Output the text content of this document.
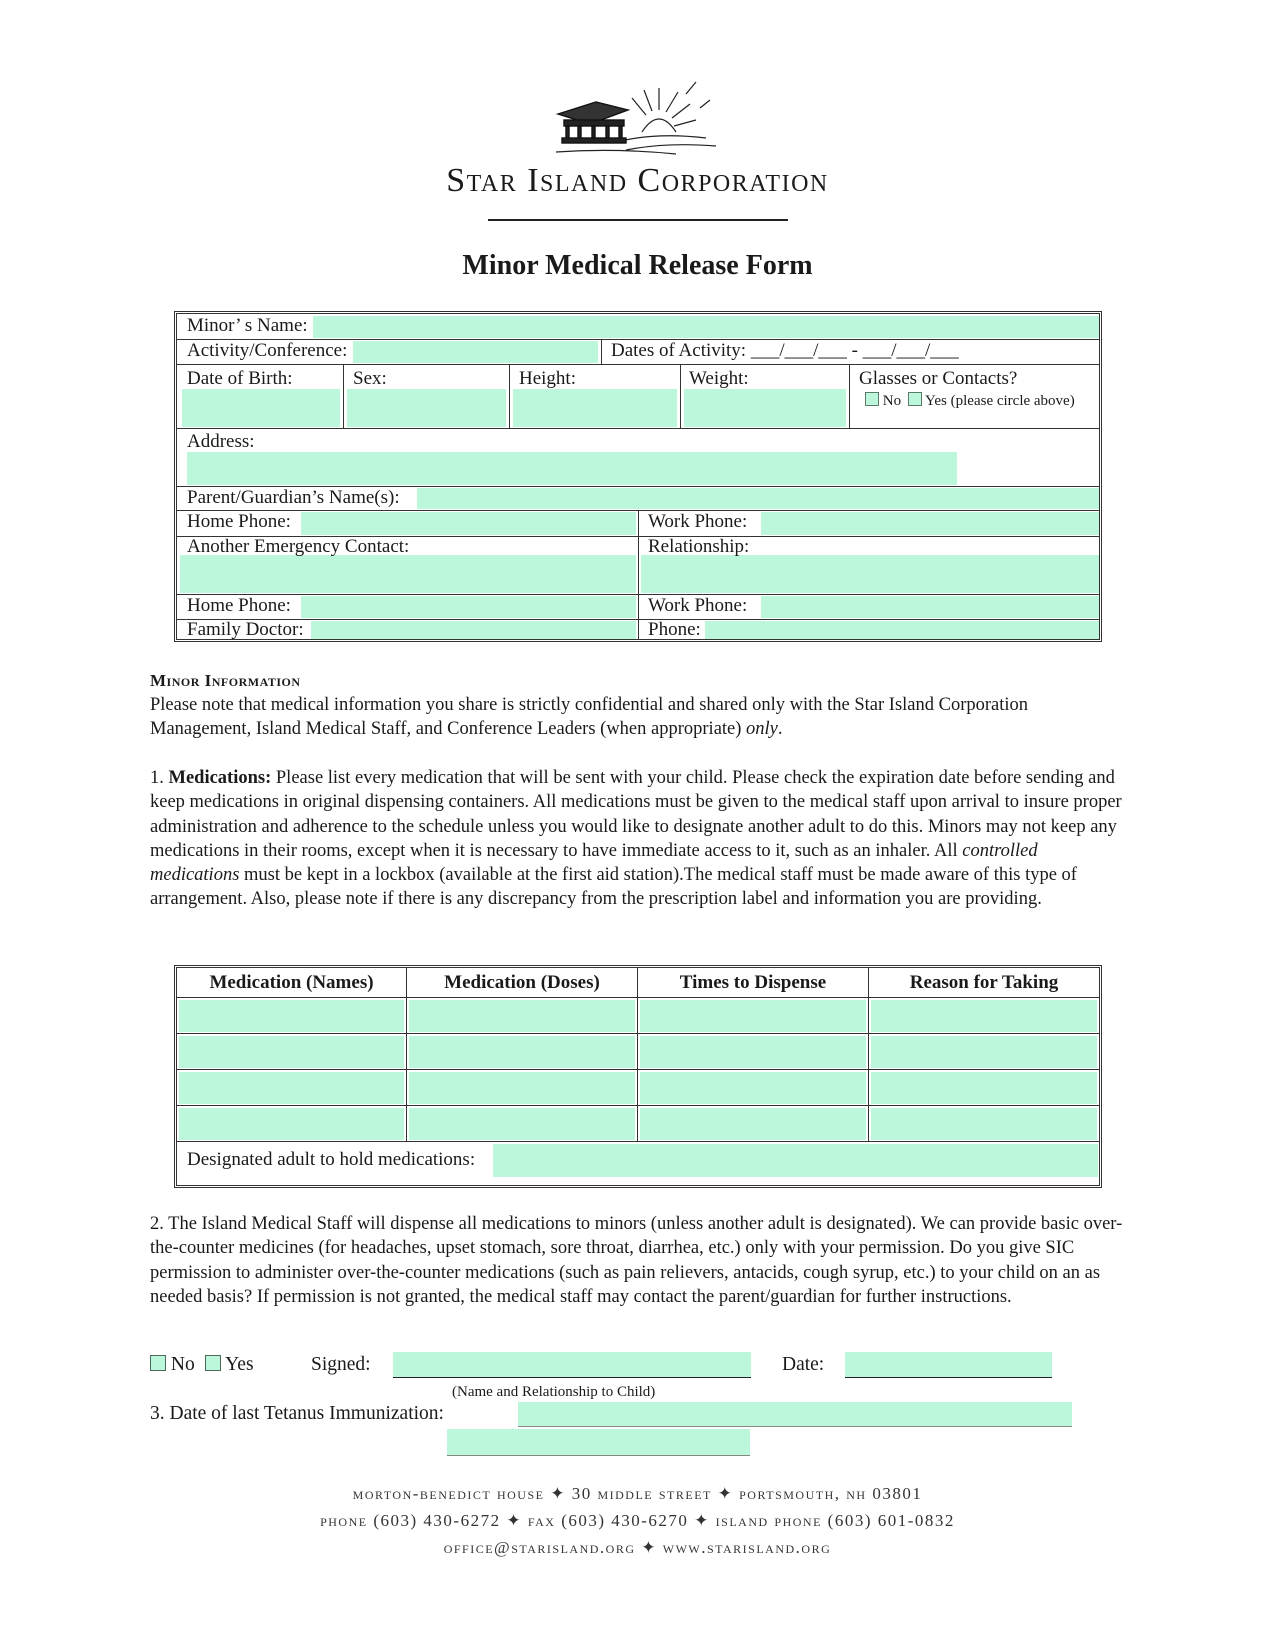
Star Island Corporation
Minor Medical Release Form
Minor’ s Name:
Activity/Conference:	Dates of Activity: ___/___/___ - ___/___/___
Date of Birth:	Sex:	Height:	Weight:	Glasses or Contacts?
No Yes (please circle above)
Address:
Parent/Guardian’s Name(s):
Home Phone:	Work Phone:
Another Emergency Contact:	Relationship:
Home Phone:	Work Phone:
Family Doctor:	Phone:
Minor Information
Please note that medical information you share is strictly confidential and shared only with the Star Island Corporation Management, Island Medical Staff, and Conference Leaders (when appropriate) only.
1. Medications: Please list every medication that will be sent with your child. Please check the expiration date before sending and keep medications in original dispensing containers. All medications must be given to the medical staff upon arrival to insure proper administration and adherence to the schedule unless you would like to designate another adult to do this. Minors may not keep any medications in their rooms, except when it is necessary to have immediate access to it, such as an inhaler. All controlled medications must be kept in a lockbox (available at the first aid station).The medical staff must be made aware of this type of arrangement. Also, please note if there is any discrepancy from the prescription label and information you are providing.
Medication (Names)	Medication (Doses)	Times to Dispense	Reason for Taking
Designated adult to hold medications:
2. The Island Medical Staff will dispense all medications to minors (unless another adult is designated). We can provide basic over-the-counter medicines (for headaches, upset stomach, sore throat, diarrhea, etc.) only with your permission. Do you give SIC permission to administer over-the-counter medications (such as pain relievers, antacids, cough syrup, etc.) to your child on an as needed basis? If permission is not granted, the medical staff may contact the parent/guardian for further instructions.
No	Yes	Signed:	Date:
(Name and Relationship to Child)
3. Date of last Tetanus Immunization:
morton-benedict house ✦ 30 middle street ✦ portsmouth, nh 03801
phone (603) 430-6272 ✦ fax (603) 430-6270 ✦ island phone (603) 601-0832
office@starisland.org ✦ www.starisland.org
